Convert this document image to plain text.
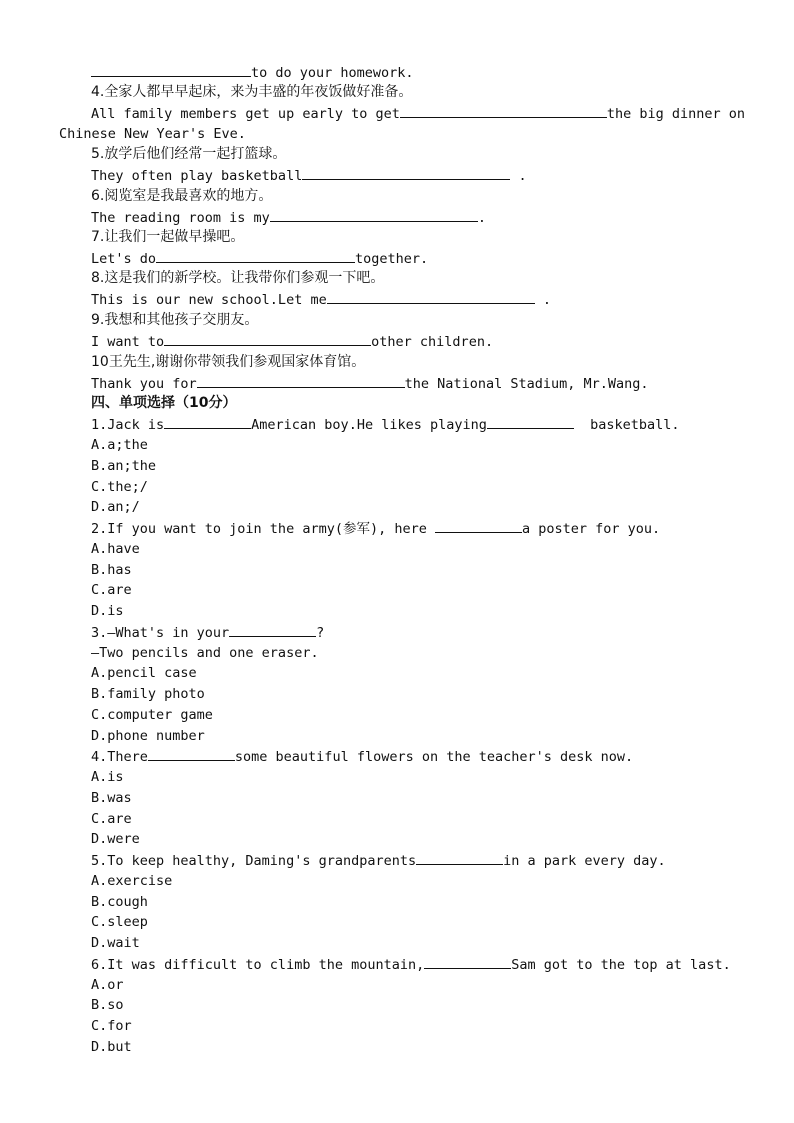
to do your homework.
4.全家人都早早起床，来为丰盛的年夜饭做好准备。
All family members get up early to get	the big dinner on
Chinese New Year's Eve.
5.放学后他们经常一起打篮球。
They often play basketball	.
6.阅览室是我最喜欢的地方。
The reading room is my	.
7.让我们一起做早操吧。
Let's do	together.
8.这是我们的新学校。让我带你们参观一下吧。
This is our new school.Let me	.
9.我想和其他孩子交朋友。
I want to	other children.
10王先生,谢谢你带领我们参观国家体育馆。
Thank you for	the National Stadium, Mr.Wang.
四、单项选择（10分）
1.Jack is	American boy.He likes playing	basketball.
A.a;the
B.an;the
C.the;/
D.an;/
2.If you want to join the army(参军), here	a poster for you.
A.have
B.has
C.are
D.is
3.—What's in your	?
—Two pencils and one eraser.
A.pencil case
B.family photo
C.computer game
D.phone number
4.There	some beautiful flowers on the teacher's desk now.
A.is
B.was
C.are
D.were
5.To keep healthy, Daming's grandparents	in a park every day.
A.exercise
B.cough
C.sleep
D.wait
6.It was difficult to climb the mountain,	Sam got to the top at last.
A.or
B.so
C.for
D.but
